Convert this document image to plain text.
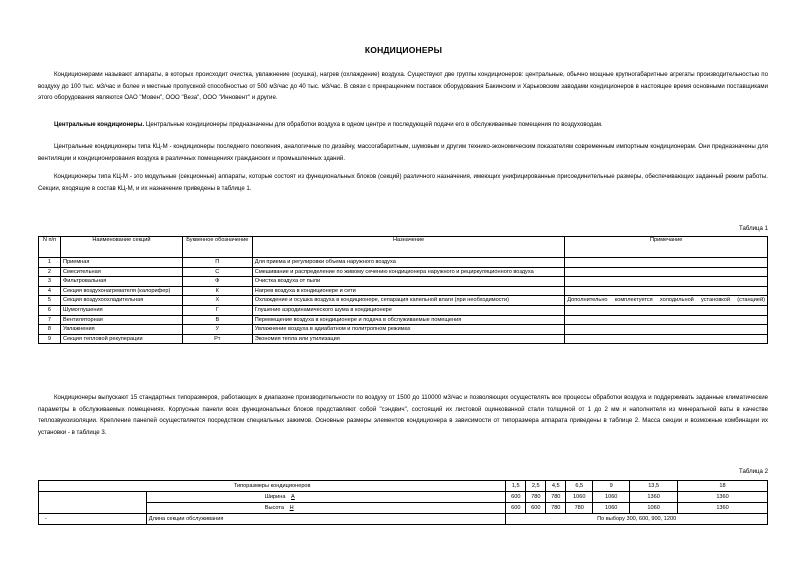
КОНДИЦИОНЕРЫ
Кондиционерами называют аппараты, в которых происходит очистка, увлажнение (осушка), нагрев (охлаждение) воздуха. Существуют две группы кондиционеров: центральные, обычно мощные крупногабаритные агрегаты производительностью по воздуху до 100 тыс. м3/час и более и местные пропускной способностью от 500 м3/час до 40 тыс. м3/час. В связи с прекращением поставок оборудования Бакинским и Харьковским заводами кондиционеров в настоящее время основными поставщиками этого оборудования являются ОАО "Мовен", ООО "Веза", ООО "Инновент" и другие.
Центральные кондиционеры. Центральные кондиционеры предназначены для обработки воздуха в одном центре и последующей подачи его в обслуживаемые помещения по воздуховодам.
Центральные кондиционеры типа КЦ-М - кондиционеры последнего поколения, аналогичные по дизайну, массогабаритным, шумовым и другим технико-экономическим показателям современным импортным кондиционерам. Они предназначены для вентиляции и кондиционирования воздуха в различных помещениях гражданских и промышленных зданий.
Кондиционеры типа КЦ-М - это модульные (секционные) аппараты, которые состоят из функциональных блоков (секций) различного назначения, имеющих унифицированные присоединительные размеры, обеспечивающих заданный режим работы. Секции, входящие в состав КЦ-М, и их назначение приведены в таблице 1.
Таблица 1
N п/п	Наименование секций	Буквенное обозначение	Назначение	Примечание
1	Приемная	П	Для приема и регулировки объема наружного воздуха	
2	Смесительная	С	Смешивание и распределение по живому сечению кондиционера наружного и рециркуляционного воздуха	
3	Фильтровальная	Ф	Очистка воздуха от пыли	
4	Секция воздухонагревателя (калорифер)	К	Нагрев воздуха в кондиционере и сети	
5	Секция воздухоохладительная	Х	Охлаждение и осушка воздуха в кондиционере, сепарация капельной влаги (при необходимости)	Дополнительно комплектуется холодильной установкой (станцией)
6	Шумоглушения	Г	Глушение аэродинамического шума в кондиционере	
7	Вентиляторная	В	Перемещение воздуха в кондиционере и подача в обслуживаемые помещения	
8	Увлажнения	У	Увлажнение воздуха в адиабатном и политропном режимах	
9	Секция тепловой рекуперации	Рт	Экономия тепла или утилизация	
Кондиционеры выпускают 15 стандартных типоразмеров, работающих в диапазоне производительности по воздуху от 1500 до 110000 м3/час и позволяющих осуществлять все процессы обработки воздуха и поддерживать заданные климатические параметры в обслуживаемых помещениях. Корпусные панели всех функциональных блоков представляют собой "сэндвич", состоящий их листовой оцинкованной стали толщиной от 1 до 2 мм и наполнителя из минеральной ваты в качестве теплозвукоизоляции. Крепление панелей осуществляется посредством специальных зажимов. Основные размеры элементов кондиционера в зависимости от типоразмера аппарата приведены в таблице 2. Масса секции и возможные комбинации их установки - в таблице 3.
Таблица 2
Типоразмеры кондиционеров		1,5	2,5	4,5	6,5	9	13,5	18
	Ширина А	600	780	780	1060	1060	1360	1360
	Высота Н	600	600	780	780	1060	1060	1360
-	Длина секции обслуживания	По выбору 300, 600, 900, 1200						
